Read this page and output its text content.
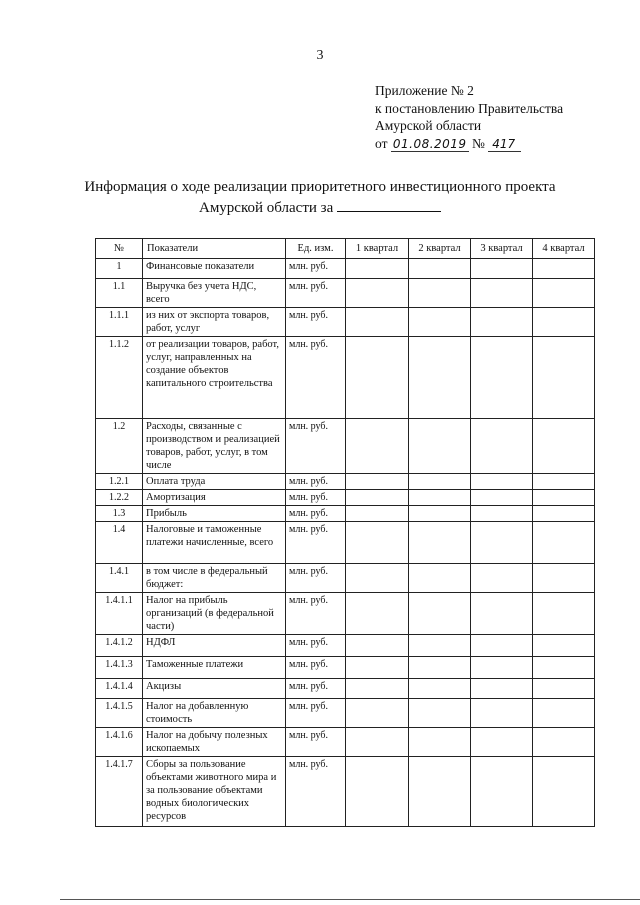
3
Приложение № 2
к постановлению Правительства
Амурской области
от 01.08.2019 № 417
Информация о ходе реализации приоритетного инвестиционного проекта
Амурской области за
№	Показатели	Ед. изм.	1 квартал	2 квартал	3 квартал	4 квартал
1	Финансовые показатели	млн. руб.				
1.1	Выручка без учета НДС, всего	млн. руб.				
1.1.1	из них от экспорта товаров, работ, услуг	млн. руб.				
1.1.2	от реализации товаров, работ, услуг, направленных на создание объектов капитального строительства	млн. руб.				
1.2	Расходы, связанные с производством и реализацией товаров, работ, услуг, в том числе	млн. руб.				
1.2.1	Оплата труда	млн. руб.				
1.2.2	Амортизация	млн. руб.				
1.3	Прибыль	млн. руб.				
1.4	Налоговые и таможенные платежи начисленные, всего	млн. руб.				
1.4.1	в том числе в федеральный бюджет:	млн. руб.				
1.4.1.1	Налог на прибыль организаций (в федеральной части)	млн. руб.				
1.4.1.2	НДФЛ	млн. руб.				
1.4.1.3	Таможенные платежи	млн. руб.				
1.4.1.4	Акцизы	млн. руб.				
1.4.1.5	Налог на добавленную стоимость	млн. руб.				
1.4.1.6	Налог на добычу полезных ископаемых	млн. руб.				
1.4.1.7	Сборы за пользование объектами животного мира и за пользование объектами водных биологических ресурсов	млн. руб.				
